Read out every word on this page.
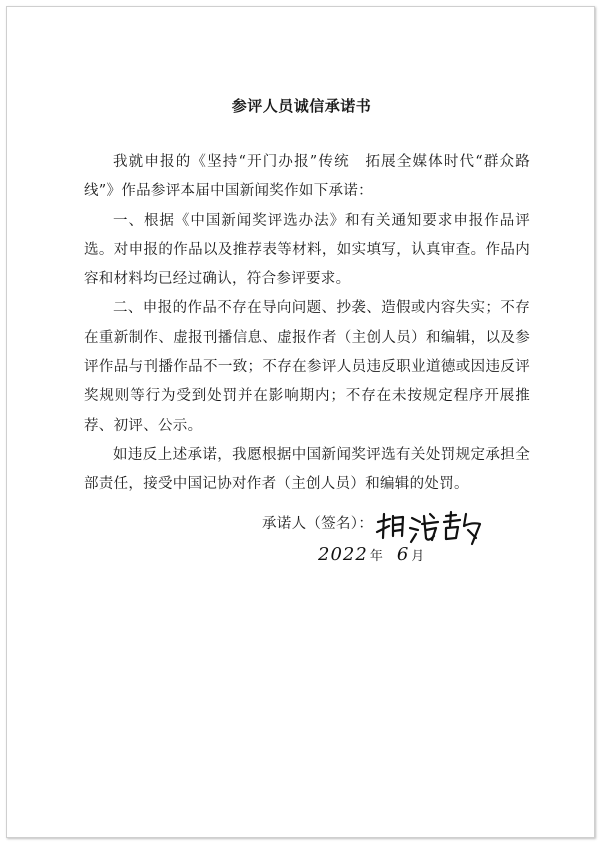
参评人员诚信承诺书

我就申报的《坚持“开门办报”传统　拓展全媒体时代“群众路线”》作品参评本届中国新闻奖作如下承诺：

一、根据《中国新闻奖评选办法》和有关通知要求申报作品评选。对申报的作品以及推荐表等材料，如实填写，认真审查。作品内容和材料均已经过确认，符合参评要求。

二、申报的作品不存在导向问题、抄袭、造假或内容失实；不存在重新制作、虚报刊播信息、虚报作者（主创人员）和编辑，以及参评作品与刊播作品不一致；不存在参评人员违反职业道德或因违反评奖规则等行为受到处罚并在影响期内；不存在未按规定程序开展推荐、初评、公示。

如违反上述承诺，我愿根据中国新闻奖评选有关处罚规定承担全部责任，接受中国记协对作者（主创人员）和编辑的处罚。

承诺人（签名）：
2022 年 6 月
